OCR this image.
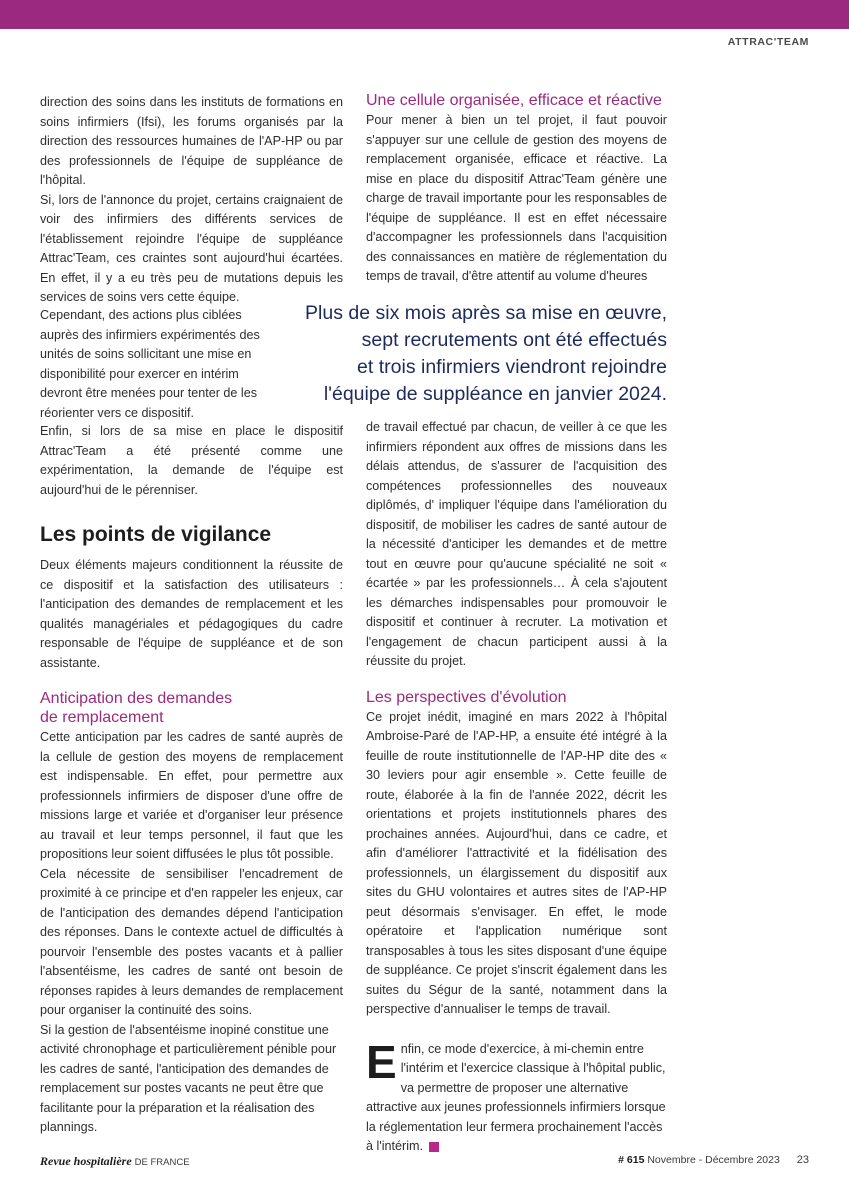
ATTRAC'TEAM

direction des soins dans les instituts de formations en soins infirmiers (Ifsi), les forums organisés par la direction des ressources humaines de l'AP-HP ou par des professionnels de l'équipe de suppléance de l'hôpital.

Si, lors de l'annonce du projet, certains craignaient de voir des infirmiers des différents services de l'établissement rejoindre l'équipe de suppléance Attrac'Team, ces craintes sont aujourd'hui écartées. En effet, il y a eu très peu de mutations depuis les services de soins vers cette équipe.

Cependant, des actions plus ciblées auprès des infirmiers expérimentés des unités de soins sollicitant une mise en disponibilité pour exercer en intérim devront être menées pour tenter de les réorienter vers ce dispositif.

Enfin, si lors de sa mise en place le dispositif Attrac'Team a été présenté comme une expérimentation, la demande de l'équipe est aujourd'hui de le pérenniser.

Les points de vigilance

Deux éléments majeurs conditionnent la réussite de ce dispositif et la satisfaction des utilisateurs : l'anticipation des demandes de remplacement et les qualités managériales et pédagogiques du cadre responsable de l'équipe de suppléance et de son assistante.

Anticipation des demandes
de remplacement

Cette anticipation par les cadres de santé auprès de la cellule de gestion des moyens de remplacement est indispensable. En effet, pour permettre aux professionnels infirmiers de disposer d'une offre de missions large et variée et d'organiser leur présence au travail et leur temps personnel, il faut que les propositions leur soient diffusées le plus tôt possible.

Cela nécessite de sensibiliser l'encadrement de proximité à ce principe et d'en rappeler les enjeux, car de l'anticipation des demandes dépend l'anticipation des réponses. Dans le contexte actuel de difficultés à pourvoir l'ensemble des postes vacants et à pallier l'absentéisme, les cadres de santé ont besoin de réponses rapides à leurs demandes de remplacement pour organiser la continuité des soins.

Si la gestion de l'absentéisme inopiné constitue une activité chronophage et particulièrement pénible pour les cadres de santé, l'anticipation des demandes de remplacement sur postes vacants ne peut être que facilitante pour la préparation et la réalisation des plannings.

Une cellule organisée, efficace et réactive

Pour mener à bien un tel projet, il faut pouvoir s'appuyer sur une cellule de gestion des moyens de remplacement organisée, efficace et réactive. La mise en place du dispositif Attrac'Team génère une charge de travail importante pour les responsables de l'équipe de suppléance. Il est en effet nécessaire d'accompagner les professionnels dans l'acquisition des connaissances en matière de réglementation du temps de travail, d'être attentif au volume d'heures

Plus de six mois après sa mise en œuvre,
sept recrutements ont été effectués
et trois infirmiers viendront rejoindre
l'équipe de suppléance en janvier 2024.

de travail effectué par chacun, de veiller à ce que les infirmiers répondent aux offres de missions dans les délais attendus, de s'assurer de l'acquisition des compétences professionnelles des nouveaux diplômés, d' impliquer l'équipe dans l'amélioration du dispositif, de mobiliser les cadres de santé autour de la nécessité d'anticiper les demandes et de mettre tout en œuvre pour qu'aucune spécialité ne soit « écartée » par les professionnels… À cela s'ajoutent les démarches indispensables pour promouvoir le dispositif et continuer à recruter. La motivation et l'engagement de chacun participent aussi à la réussite du projet.

Les perspectives d'évolution

Ce projet inédit, imaginé en mars 2022 à l'hôpital Ambroise-Paré de l'AP-HP, a ensuite été intégré à la feuille de route institutionnelle de l'AP-HP dite des « 30 leviers pour agir ensemble ». Cette feuille de route, élaborée à la fin de l'année 2022, décrit les orientations et projets institutionnels phares des prochaines années. Aujourd'hui, dans ce cadre, et afin d'améliorer l'attractivité et la fidélisation des professionnels, un élargissement du dispositif aux sites du GHU volontaires et autres sites de l'AP-HP peut désormais s'envisager. En effet, le mode opératoire et l'application numérique sont transposables à tous les sites disposant d'une équipe de suppléance. Ce projet s'inscrit également dans les suites du Ségur de la santé, notamment dans la perspective d'annualiser le temps de travail.

Enfin, ce mode d'exercice, à mi-chemin entre l'intérim et l'exercice classique à l'hôpital public, va permettre de proposer une alternative attractive aux jeunes professionnels infirmiers lorsque la réglementation leur fermera prochainement l'accès à l'intérim.

Revue hospitalière DE FRANCE	# 615 Novembre - Décembre 2023 23
